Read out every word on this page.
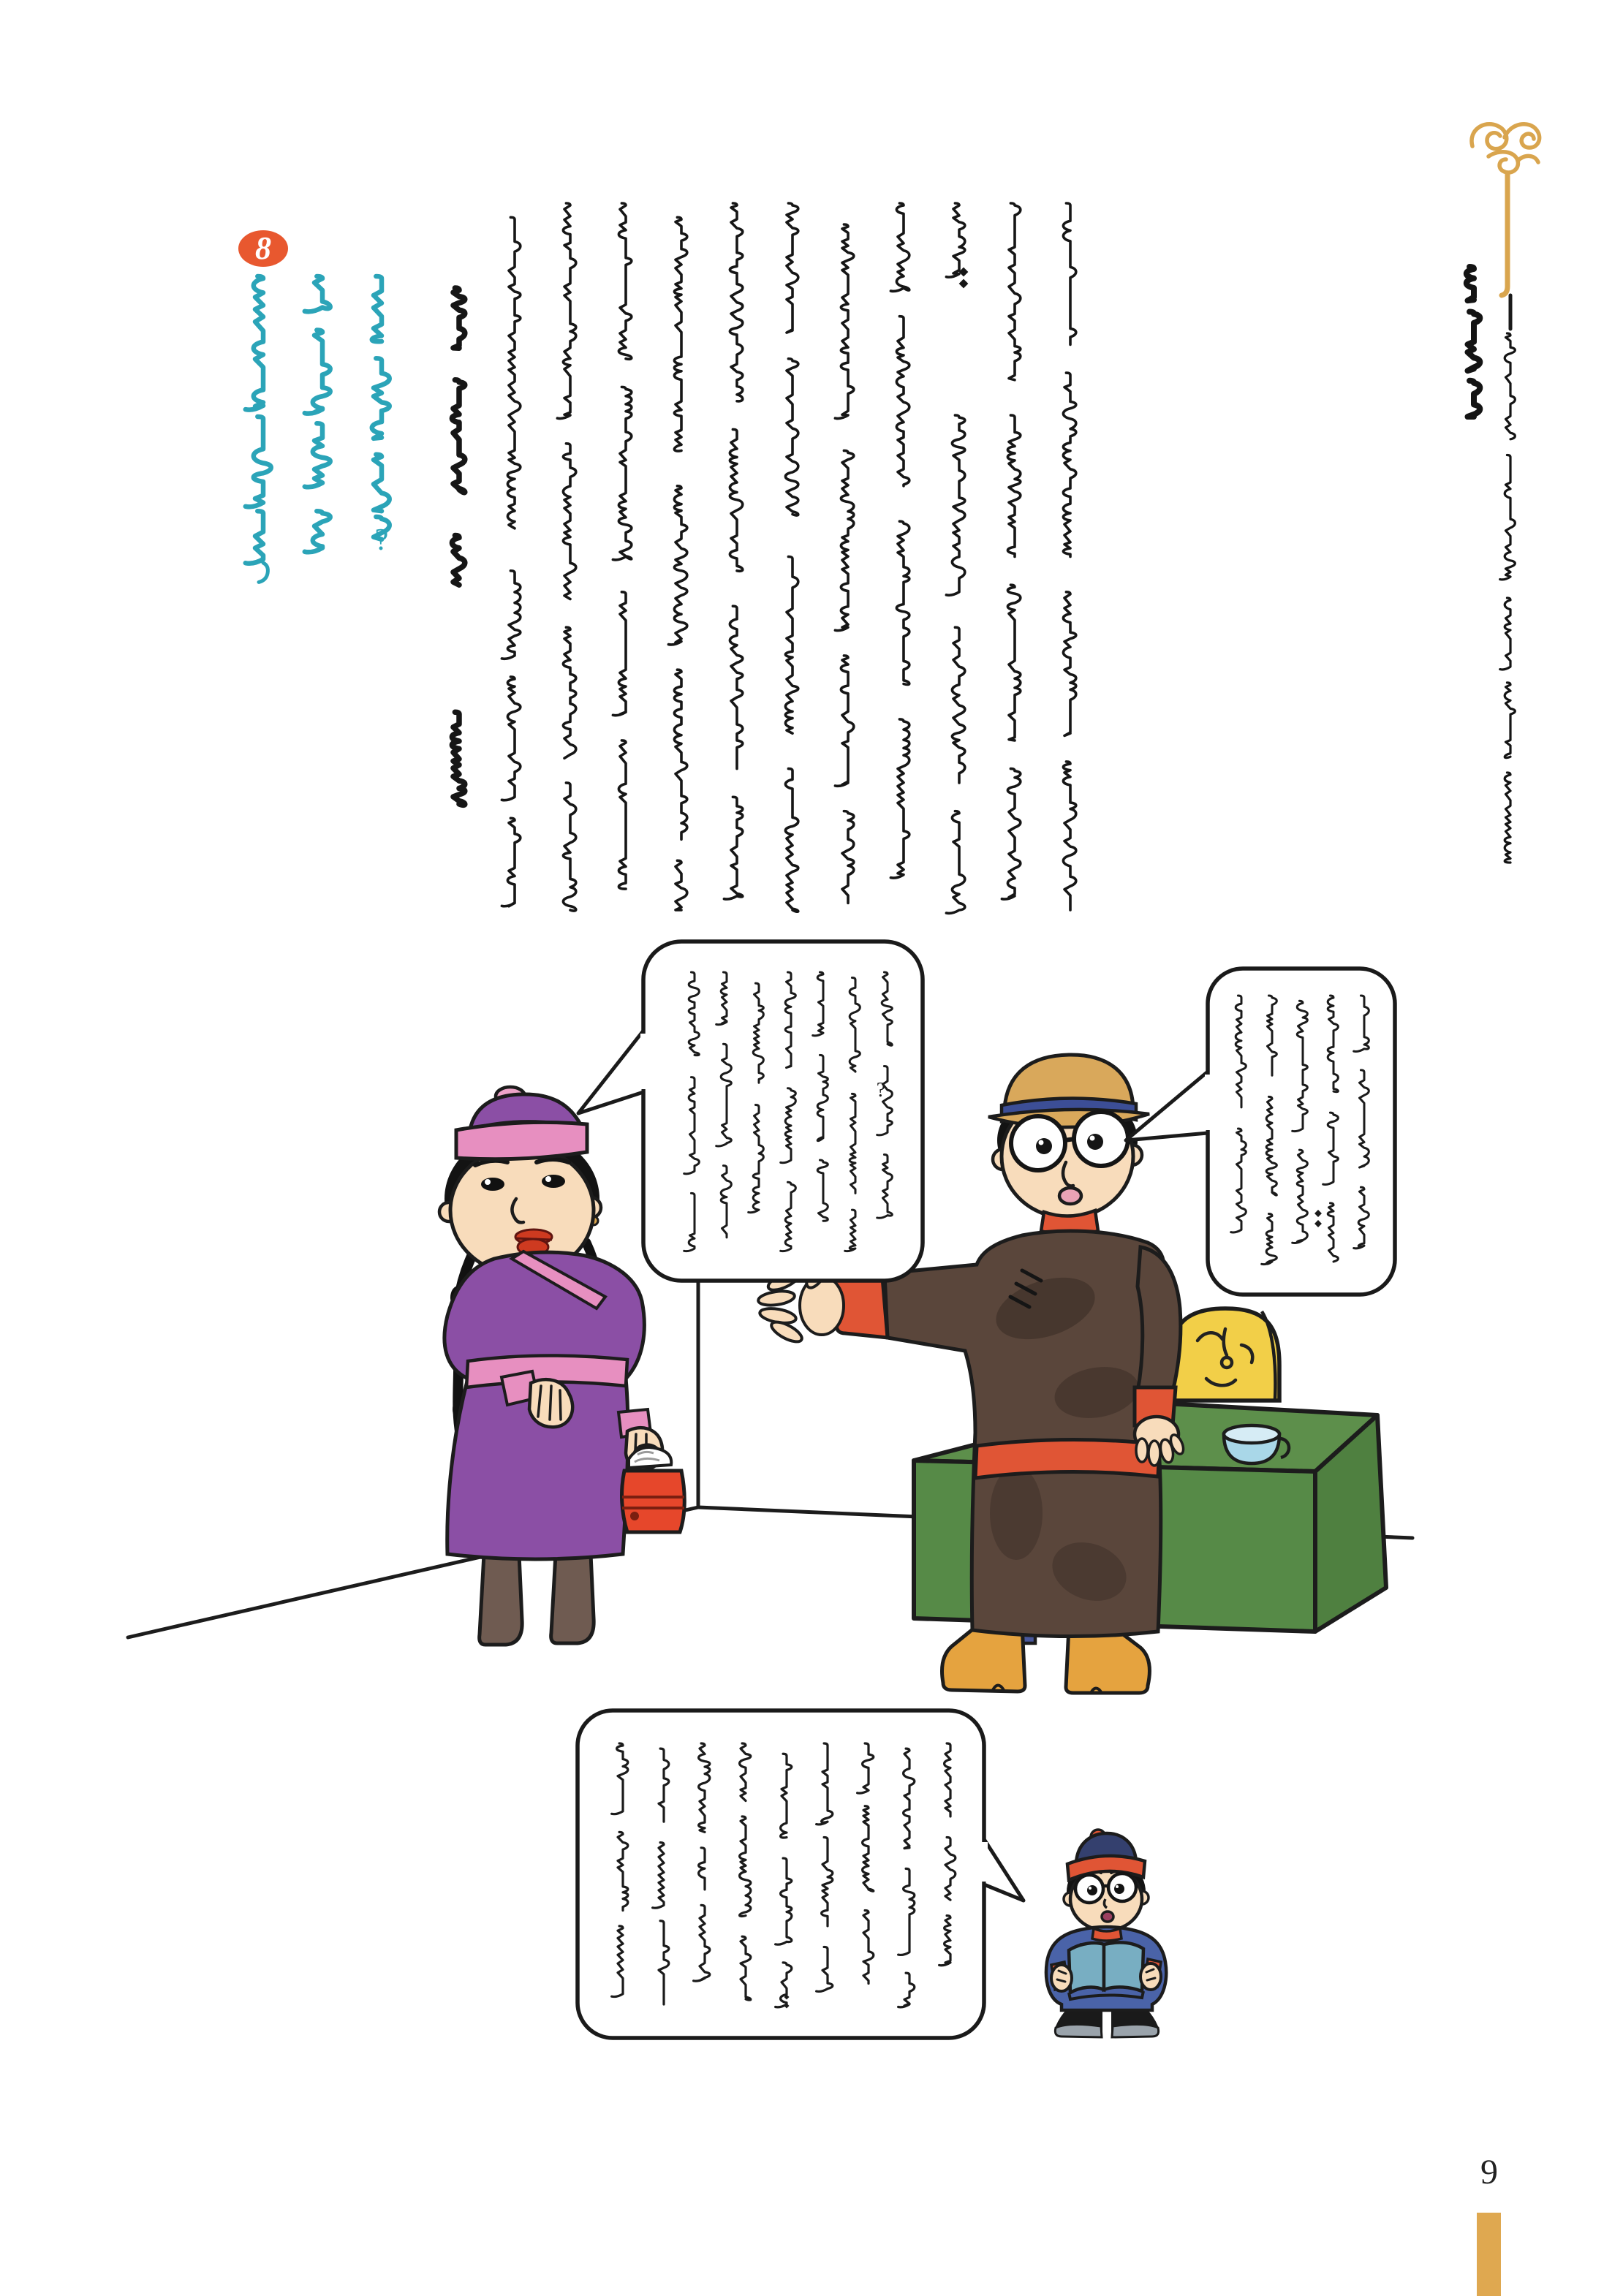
?
?
8
9
